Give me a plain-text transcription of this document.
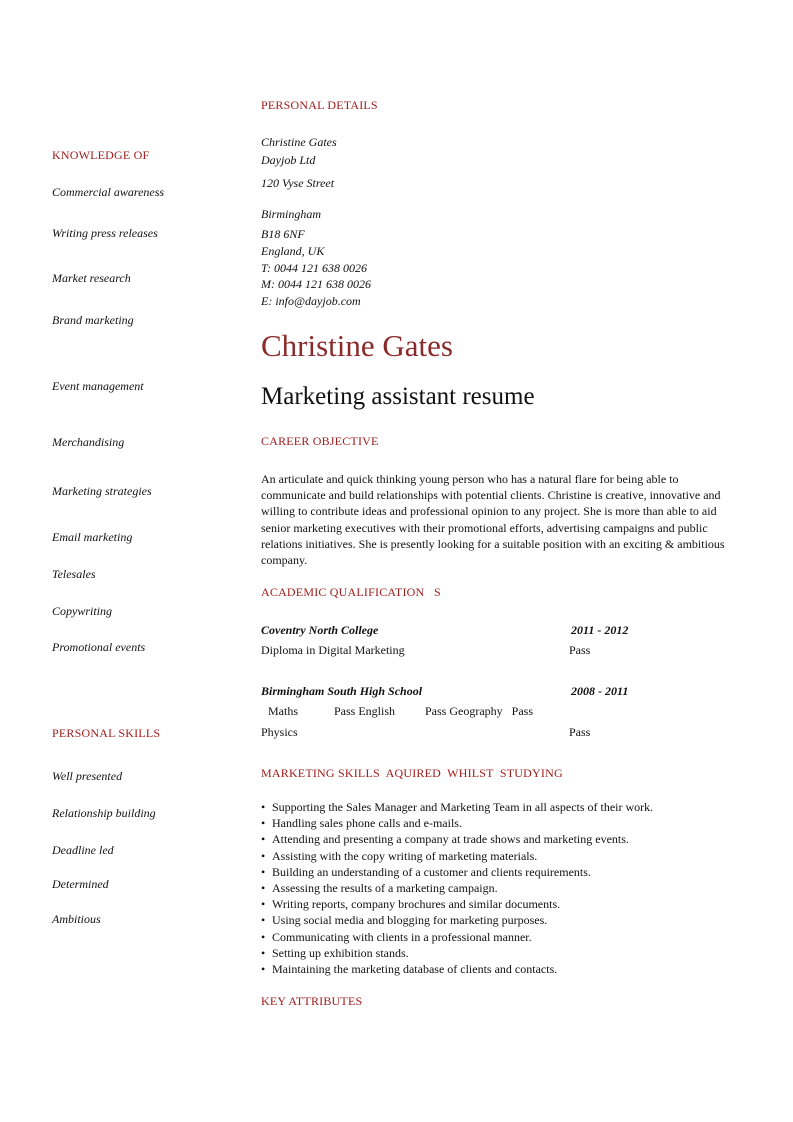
PERSONAL DETAILS
KNOWLEDGE OF
Commercial awareness
Writing press releases
Market research
Brand marketing
Event management
Merchandising
Marketing strategies
Email marketing
Telesales
Copywriting
Promotional events
PERSONAL SKILLS
Well presented
Relationship building
Deadline led
Determined
Ambitious
Christine Gates
Dayjob Ltd
120 Vyse Street
Birmingham
B18 6NF
England, UK
T: 0044 121 638 0026
M: 0044 121 638 0026
E: info@dayjob.com
Christine Gates
Marketing assistant resume
CAREER OBJECTIVE
An articulate and quick thinking young person who has a natural flare for being able to communicate and build relationships with potential clients. Christine is creative, innovative and willing to contribute ideas and professional opinion to any project. She is more than able to aid senior marketing executives with their promotional efforts, advertising campaigns and public relations initiatives. She is presently looking for a suitable position with an exciting & ambitious company.
ACADEMIC QUALIFICATION   S
Coventry North College	2011 - 2012
Diploma in Digital Marketing	Pass
Birmingham South High School	2008 - 2011
Maths            Pass English          Pass Geography   Pass
Physics	Pass
MARKETING SKILLS  AQUIRED  WHILST  STUDYING
• Supporting the Sales Manager and Marketing Team in all aspects of their work.
• Handling sales phone calls and e-mails.
• Attending and presenting a company at trade shows and marketing events.
• Assisting with the copy writing of marketing materials.
• Building an understanding of a customer and clients requirements.
• Assessing the results of a marketing campaign.
• Writing reports, company brochures and similar documents.
• Using social media and blogging for marketing purposes.
• Communicating with clients in a professional manner.
• Setting up exhibition stands.
• Maintaining the marketing database of clients and contacts.
KEY ATTRIBUTES
